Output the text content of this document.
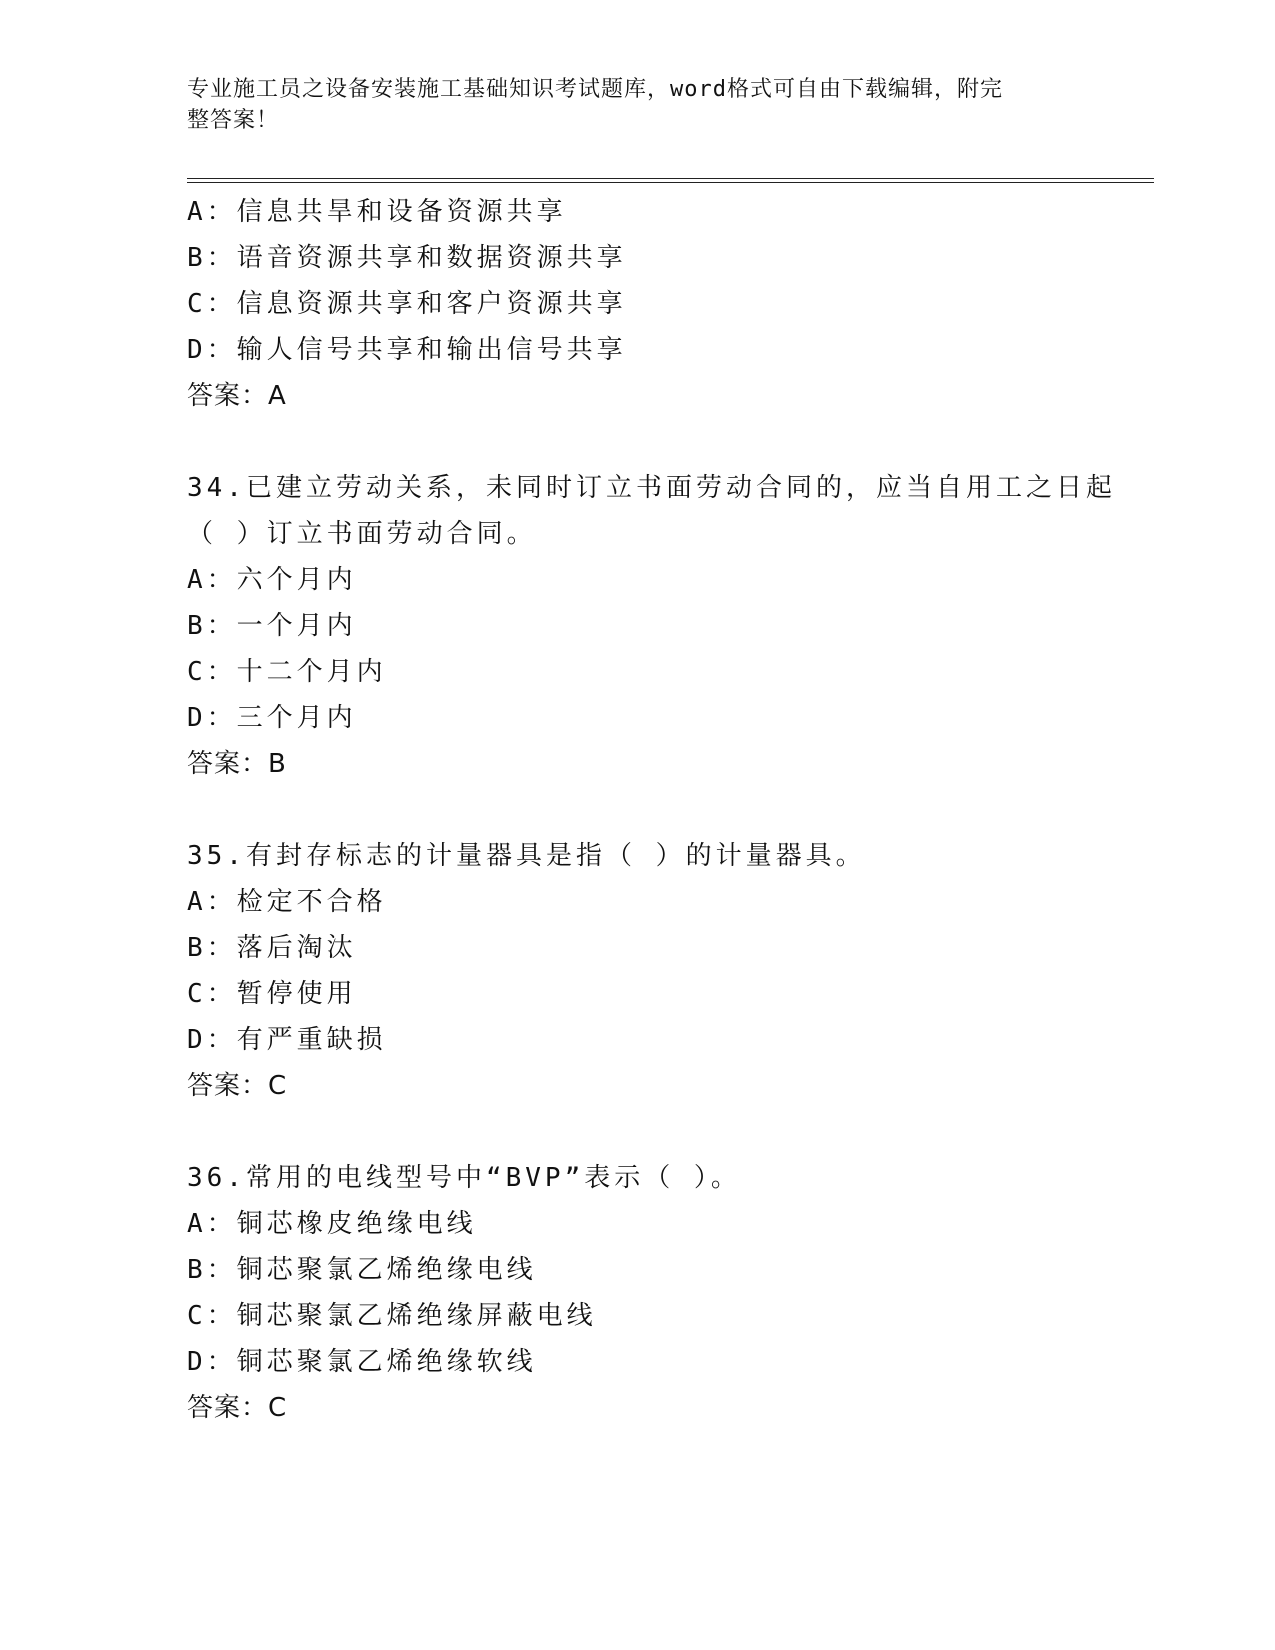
专业施工员之设备安装施工基础知识考试题库，word格式可自由下载编辑，附完
整答案！
A：信息共旱和设备资源共享
B：语音资源共享和数据资源共享
C：信息资源共享和客户资源共享
D：输人信号共享和输出信号共享
答案：A
34.已建立劳动关系，未同时订立书面劳动合同的，应当自用工之日起
（ ）订立书面劳动合同。
A：六个月内
B：一个月内
C：十二个月内
D：三个月内
答案：B
35.有封存标志的计量器具是指（ ）的计量器具。
A：检定不合格
B：落后淘汰
C：暂停使用
D：有严重缺损
答案：C
36.常用的电线型号中“BVP”表示（ ）。
A：铜芯橡皮绝缘电线
B：铜芯聚氯乙烯绝缘电线
C：铜芯聚氯乙烯绝缘屏蔽电线
D：铜芯聚氯乙烯绝缘软线
答案：C
